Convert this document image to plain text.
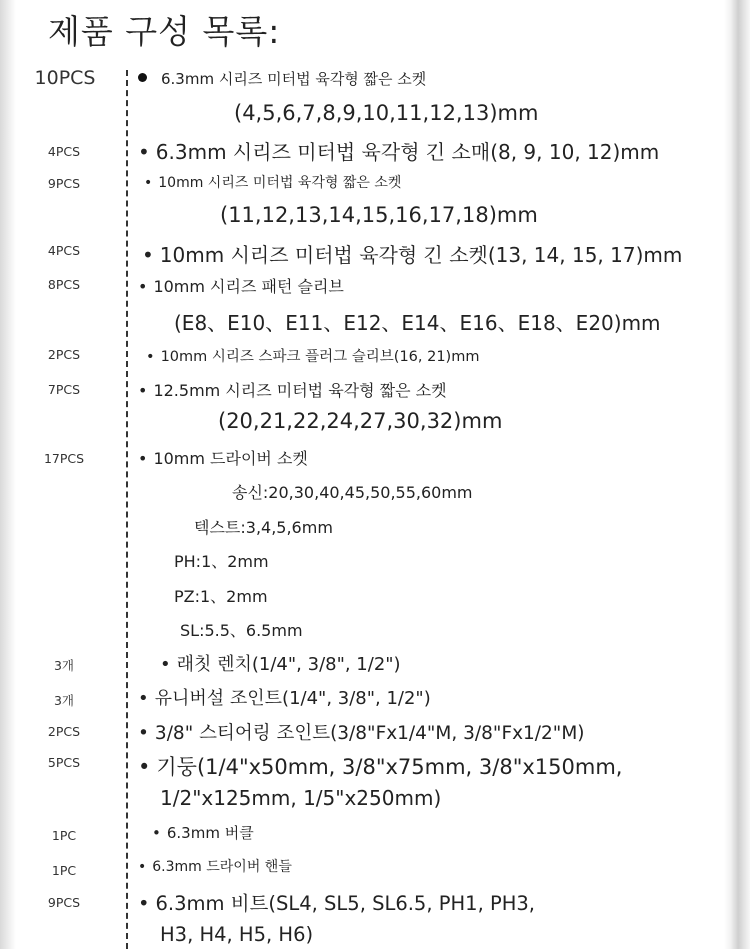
제품 구성 목록:
10PCS	6.3mm 시리즈 미터법 육각형 짧은 소켓
(4,5,6,7,8,9,10,11,12,13)mm
4PCS	• 6.3mm 시리즈 미터법 육각형 긴 소매(8, 9, 10, 12)mm
9PCS	• 10mm 시리즈 미터법 육각형 짧은 소켓
(11,12,13,14,15,16,17,18)mm
4PCS	• 10mm 시리즈 미터법 육각형 긴 소켓(13, 14, 15, 17)mm
8PCS	• 10mm 시리즈 패턴 슬리브
(E8、E10、E11、E12、E14、E16、E18、E20)mm
2PCS	• 10mm 시리즈 스파크 플러그 슬리브(16, 21)mm
7PCS	• 12.5mm 시리즈 미터법 육각형 짧은 소켓
(20,21,22,24,27,30,32)mm
17PCS	• 10mm 드라이버 소켓
송신:20,30,40,45,50,55,60mm
텍스트:3,4,5,6mm
PH:1、2mm
PZ:1、2mm
SL:5.5、6.5mm
3개	• 래칫 렌치(1/4", 3/8", 1/2")
3개	• 유니버설 조인트(1/4", 3/8", 1/2")
2PCS	• 3/8" 스티어링 조인트(3/8"Fx1/4"M, 3/8"Fx1/2"M)
5PCS	• 기둥(1/4"x50mm, 3/8"x75mm, 3/8"x150mm,
1/2"x125mm, 1/5"x250mm)
1PC	• 6.3mm 버클
1PC	• 6.3mm 드라이버 핸들
9PCS	• 6.3mm 비트(SL4, SL5, SL6.5, PH1, PH3,
H3, H4, H5, H6)
